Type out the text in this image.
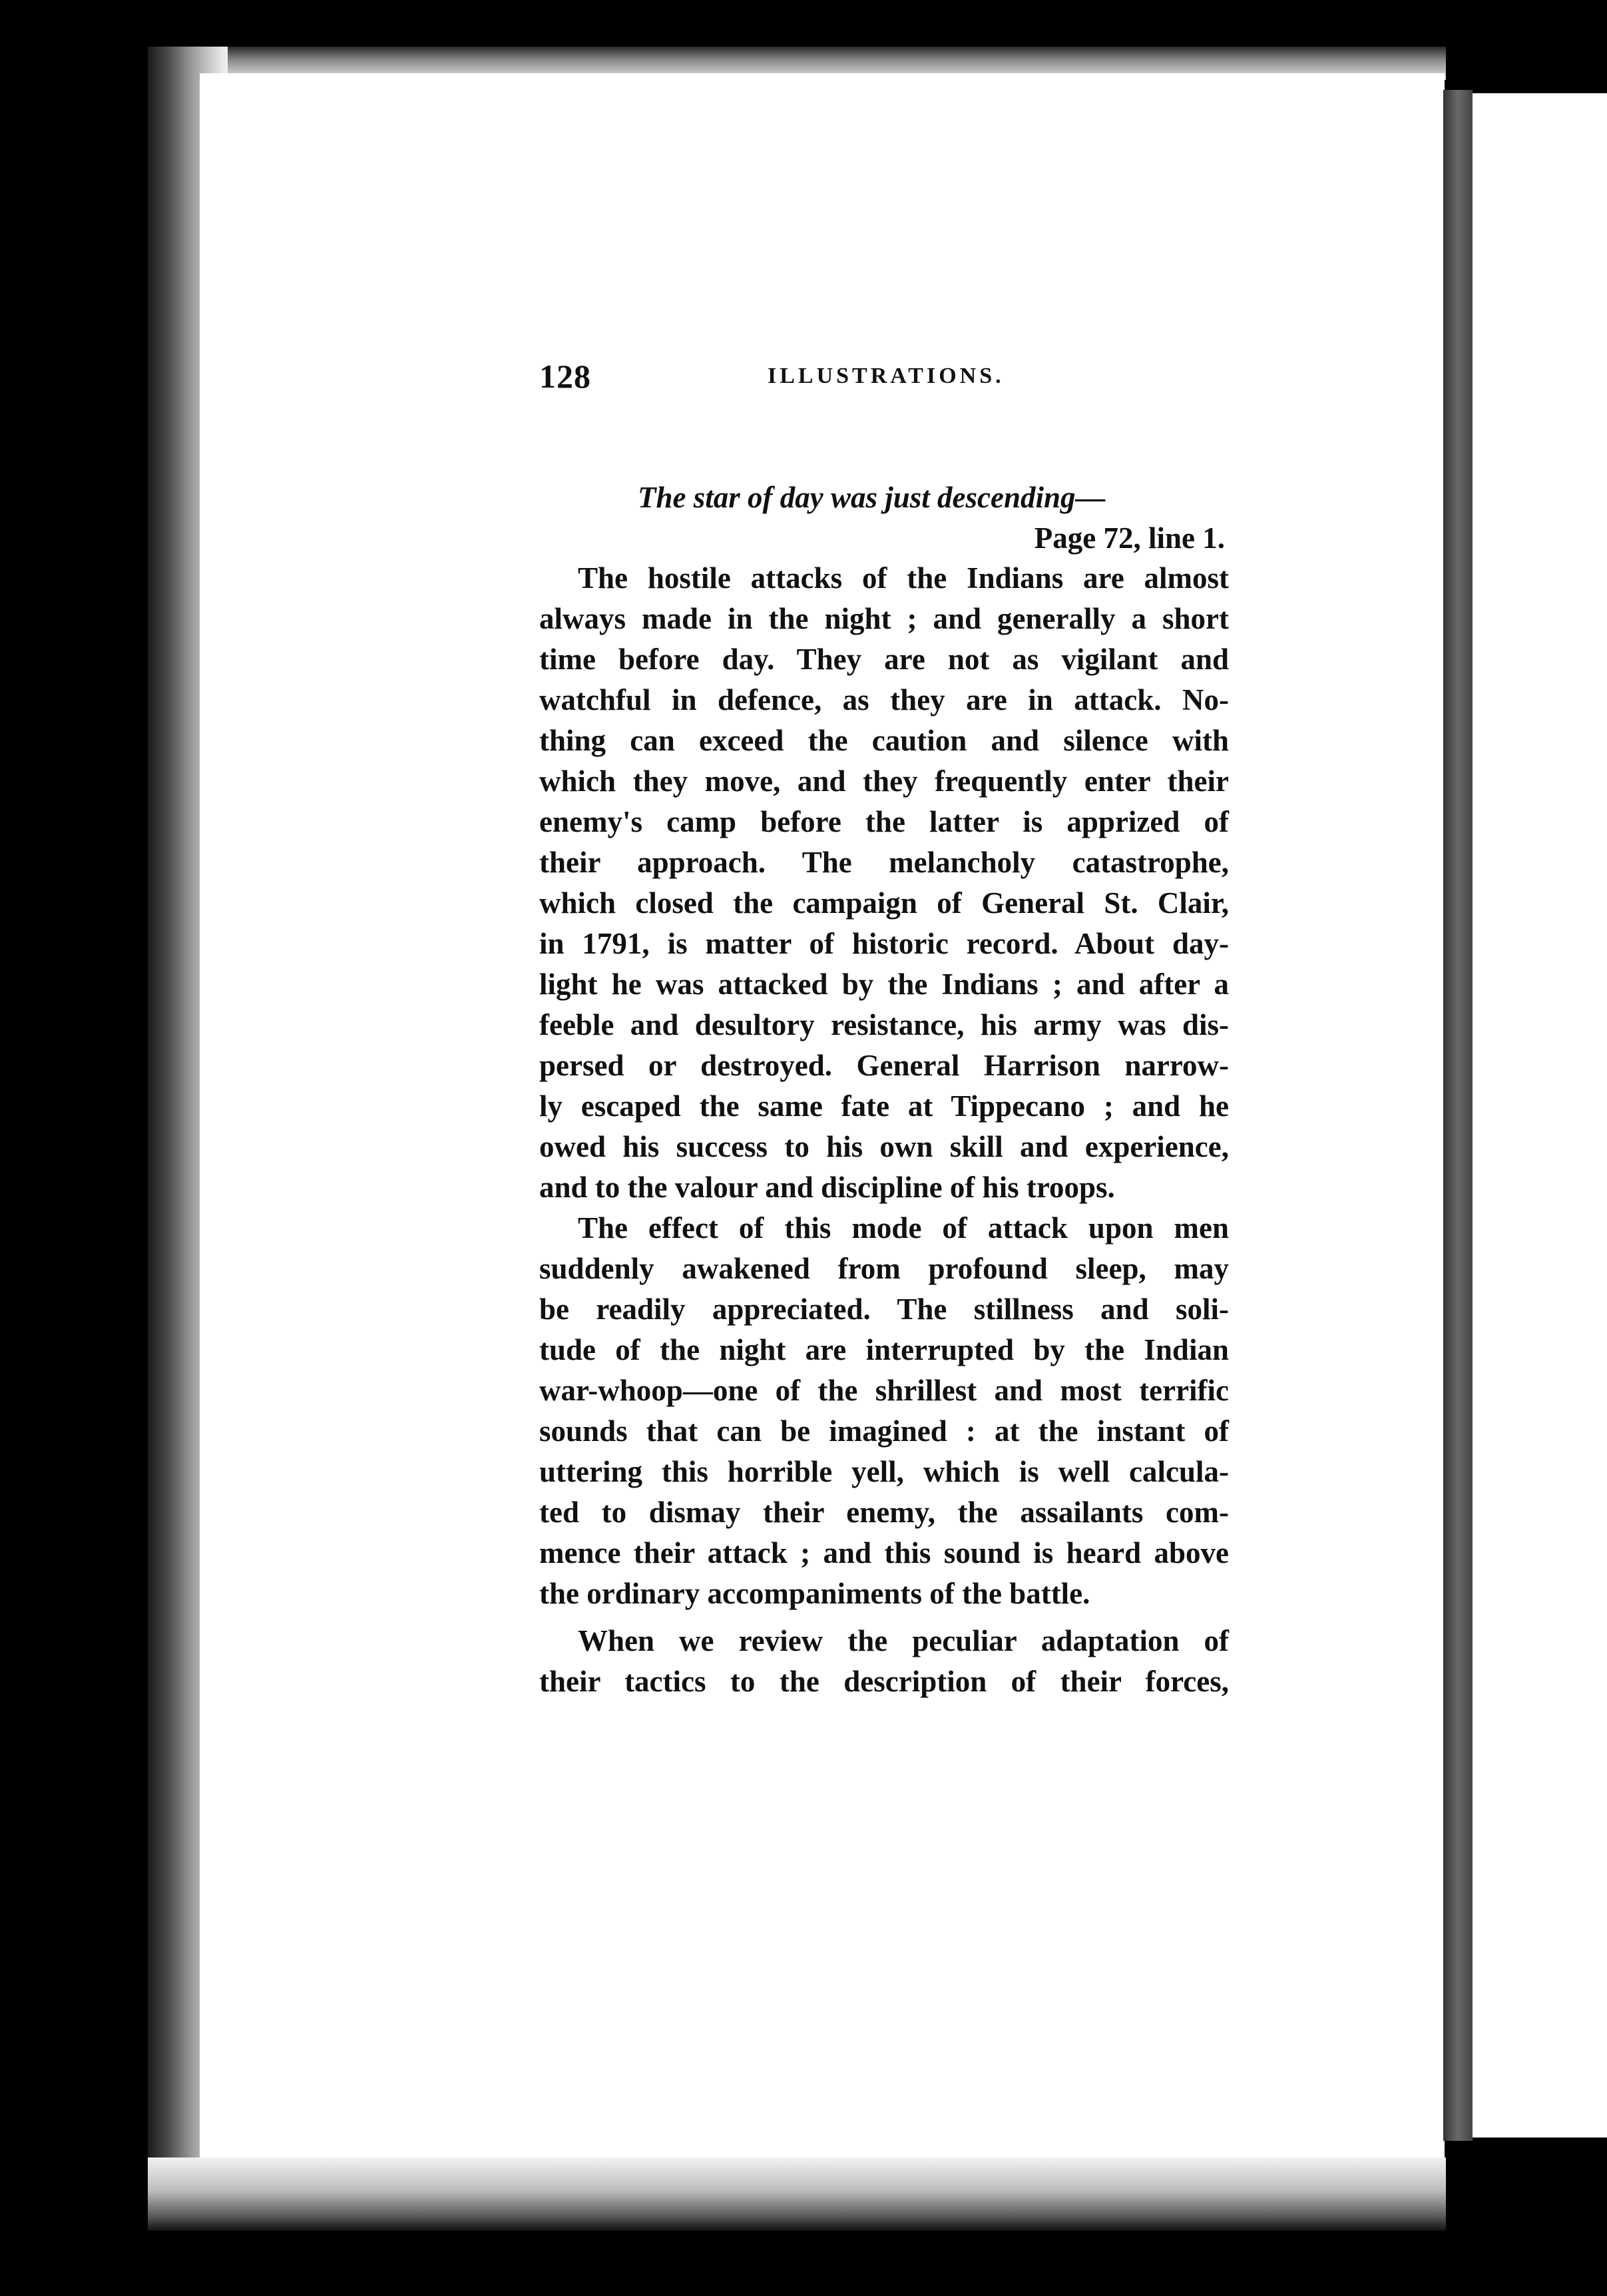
128	ILLUSTRATIONS.
The star of day was just descending—
Page 72, line 1.
The hostile attacks of the Indians are almost
always made in the night ; and generally a short
time before day. They are not as vigilant and
watchful in defence, as they are in attack. No-
thing can exceed the caution and silence with
which they move, and they frequently enter their
enemy's camp before the latter is apprized of
their approach. The melancholy catastrophe,
which closed the campaign of General St. Clair,
in 1791, is matter of historic record. About day-
light he was attacked by the Indians ; and after a
feeble and desultory resistance, his army was dis-
persed or destroyed. General Harrison narrow-
ly escaped the same fate at Tippecano ; and he
owed his success to his own skill and experience,
and to the valour and discipline of his troops.
The effect of this mode of attack upon men
suddenly awakened from profound sleep, may
be readily appreciated. The stillness and soli-
tude of the night are interrupted by the Indian
war-whoop—one of the shrillest and most terrific
sounds that can be imagined : at the instant of
uttering this horrible yell, which is well calcula-
ted to dismay their enemy, the assailants com-
mence their attack ; and this sound is heard above
the ordinary accompaniments of the battle.
When we review the peculiar adaptation of
their tactics to the description of their forces,
